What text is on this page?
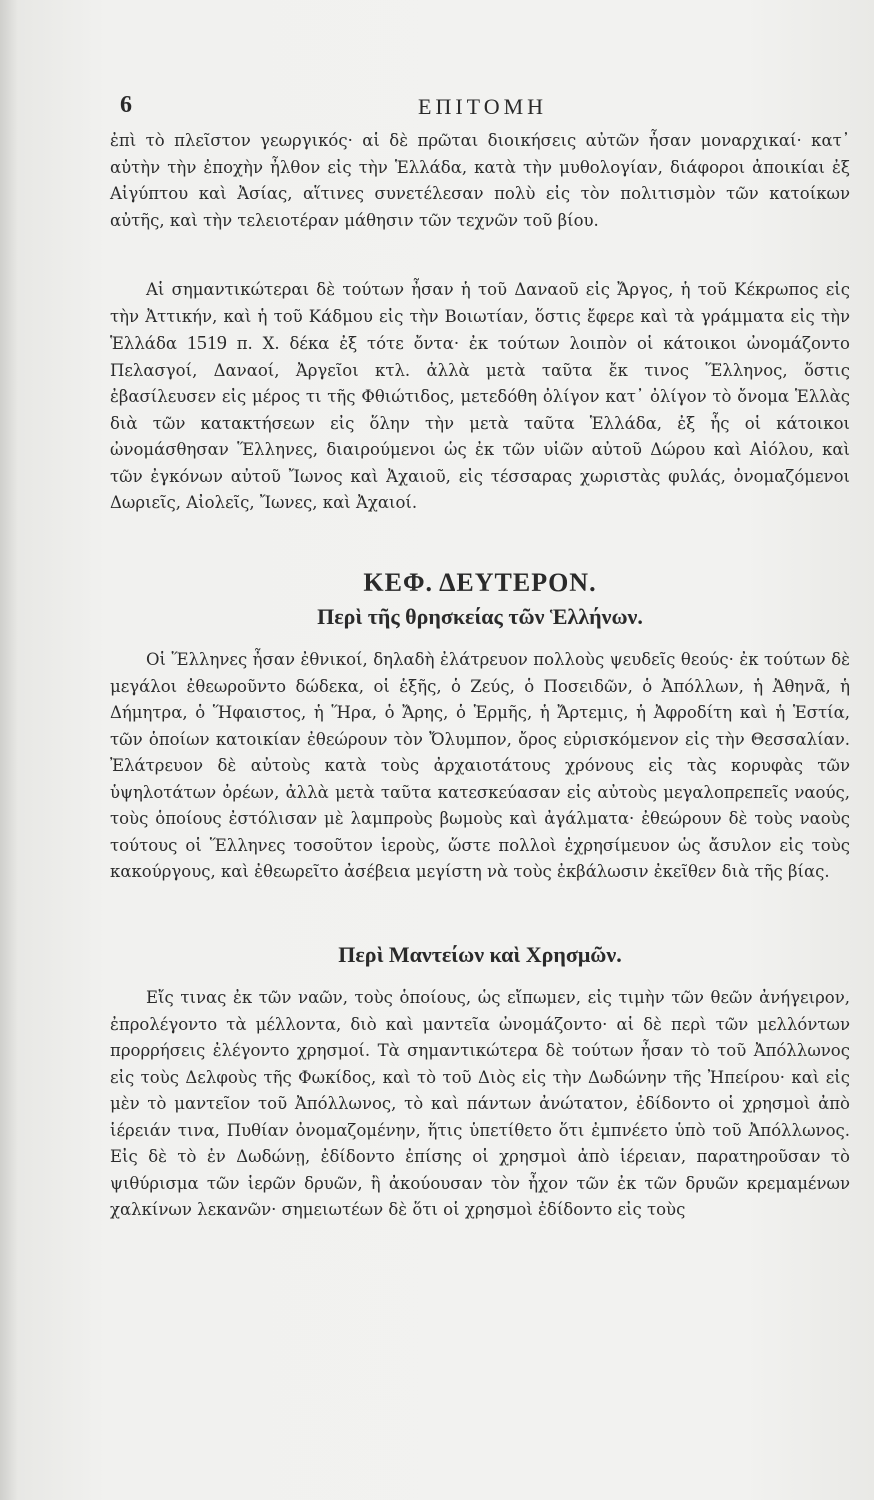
6	ΕΠΙΤΟΜΗ

ἐπὶ τὸ πλεῖστον γεωργικός· αἱ δὲ πρῶται διοικήσεις αὐτῶν ἦσαν μοναρχικαί· κατ᾽ αὐτὴν τὴν ἐποχὴν ἦλθον εἰς τὴν Ἑλλάδα, κατὰ τὴν μυθολογίαν, διάφοροι ἀποικίαι ἐξ Αἰγύπτου καὶ Ἀσίας, αἵτινες συνετέλεσαν πολὺ εἰς τὸν πολιτισμὸν τῶν κατοίκων αὐτῆς, καὶ τὴν τελειοτέραν μάθησιν τῶν τεχνῶν τοῦ βίου.

Αἱ σημαντικώτεραι δὲ τούτων ἦσαν ἡ τοῦ Δαναοῦ εἰς Ἄργος, ἡ τοῦ Κέκρωπος εἰς τὴν Ἀττικήν, καὶ ἡ τοῦ Κάδμου εἰς τὴν Βοιωτίαν, ὅστις ἔφερε καὶ τὰ γράμματα εἰς τὴν Ἑλλάδα 1519 π. Χ. δέκα ἐξ τότε ὄντα· ἐκ τούτων λοιπὸν οἱ κάτοικοι ὠνομάζοντο Πελασγοί, Δαναοί, Ἀργεῖοι κτλ. ἀλλὰ μετὰ ταῦτα ἔκ τινος Ἕλληνος, ὅστις ἐβασίλευσεν εἰς μέρος τι τῆς Φθιώτιδος, μετεδόθη ὀλίγον κατ᾽ ὀλίγον τὸ ὄνομα Ἑλλὰς διὰ τῶν κατακτήσεων εἰς ὅλην τὴν μετὰ ταῦτα Ἑλλάδα, ἐξ ἧς οἱ κάτοικοι ὠνομάσθησαν Ἕλληνες, διαιρούμενοι ὡς ἐκ τῶν υἱῶν αὐτοῦ Δώρου καὶ Αἰόλου, καὶ τῶν ἐγκόνων αὐτοῦ Ἴωνος καὶ Ἀχαιοῦ, εἰς τέσσαρας χωριστὰς φυλάς, ὀνομαζόμενοι Δωριεῖς, Αἰολεῖς, Ἴωνες, καὶ Ἀχαιοί.

ΚΕΦ. ΔΕΥΤΕΡΟΝ.
Περὶ τῆς θρησκείας τῶν Ἑλλήνων.

Οἱ Ἕλληνες ἦσαν ἐθνικοί, δηλαδὴ ἐλάτρευον πολλοὺς ψευδεῖς θεούς· ἐκ τούτων δὲ μεγάλοι ἐθεωροῦντο δώδεκα, οἱ ἑξῆς, ὁ Ζεύς, ὁ Ποσειδῶν, ὁ Ἀπόλλων, ἡ Ἀθηνᾶ, ἡ Δήμητρα, ὁ Ἥφαιστος, ἡ Ἥρα, ὁ Ἄρης, ὁ Ἑρμῆς, ἡ Ἄρτεμις, ἡ Ἀφροδίτη καὶ ἡ Ἑστία, τῶν ὁποίων κατοικίαν ἐθεώρουν τὸν Ὄλυμπον, ὄρος εὑρισκόμενον εἰς τὴν Θεσσαλίαν. Ἐλάτρευον δὲ αὐτοὺς κατὰ τοὺς ἀρχαιοτάτους χρόνους εἰς τὰς κορυφὰς τῶν ὑψηλοτάτων ὀρέων, ἀλλὰ μετὰ ταῦτα κατεσκεύασαν εἰς αὐτοὺς μεγαλοπρεπεῖς ναούς, τοὺς ὁποίους ἐστόλισαν μὲ λαμπροὺς βωμοὺς καὶ ἀγάλματα· ἐθεώρουν δὲ τοὺς ναοὺς τούτους οἱ Ἕλληνες τοσοῦτον ἱεροὺς, ὥστε πολλοὶ ἐχρησίμευον ὡς ἄσυλον εἰς τοὺς κακούργους, καὶ ἐθεωρεῖτο ἀσέβεια μεγίστη νὰ τοὺς ἐκβάλωσιν ἐκεῖθεν διὰ τῆς βίας.

Περὶ Μαντείων καὶ Χρησμῶν.

Εἴς τινας ἐκ τῶν ναῶν, τοὺς ὁποίους, ὡς εἴπωμεν, εἰς τιμὴν τῶν θεῶν ἀνήγειρον, ἐπρολέγοντο τὰ μέλλοντα, διὸ καὶ μαντεῖα ὠνομάζοντο· αἱ δὲ περὶ τῶν μελλόντων προρρήσεις ἐλέγοντο χρησμοί. Τὰ σημαντικώτερα δὲ τούτων ἦσαν τὸ τοῦ Ἀπόλλωνος εἰς τοὺς Δελφοὺς τῆς Φωκίδος, καὶ τὸ τοῦ Διὸς εἰς τὴν Δωδώνην τῆς Ἠπείρου· καὶ εἰς μὲν τὸ μαντεῖον τοῦ Ἀπόλλωνος, τὸ καὶ πάντων ἀνώτατον, ἐδίδοντο οἱ χρησμοὶ ἀπὸ ἱέρειάν τινα, Πυθίαν ὀνομαζομένην, ἥτις ὑπετίθετο ὅτι ἐμπνέετο ὑπὸ τοῦ Ἀπόλλωνος. Εἰς δὲ τὸ ἐν Δωδώνῃ, ἐδίδοντο ἐπίσης οἱ χρησμοὶ ἀπὸ ἱέρειαν, παρατηροῦσαν τὸ ψιθύρισμα τῶν ἱερῶν δρυῶν, ἢ ἀκούουσαν τὸν ἦχον τῶν ἐκ τῶν δρυῶν κρεμαμένων χαλκίνων λεκανῶν· σημειωτέων δὲ ὅτι οἱ χρησμοὶ ἐδίδοντο εἰς τοὺς
